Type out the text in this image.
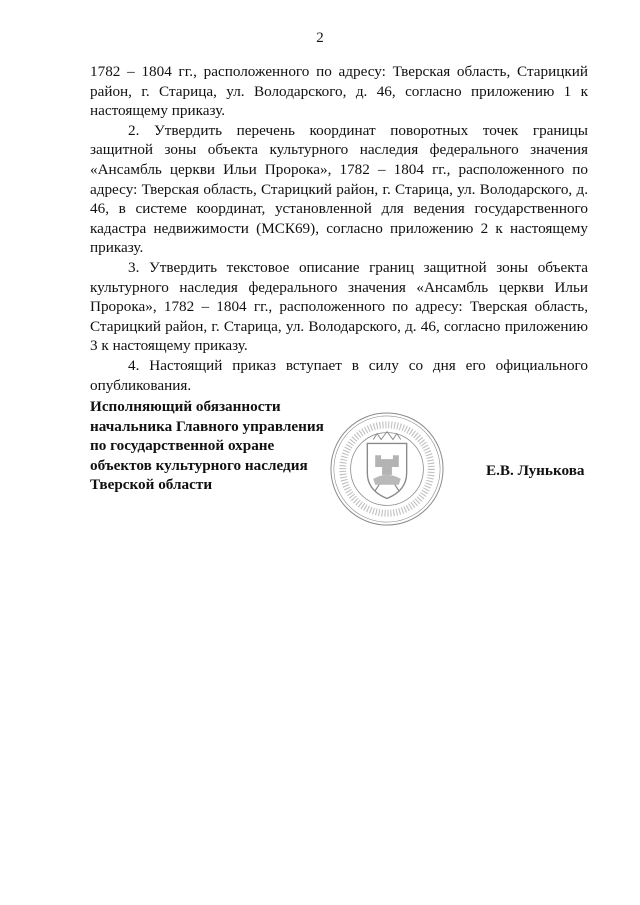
2

1782 – 1804 гг., расположенного по адресу: Тверская область, Старицкий район, г. Старица, ул. Володарского, д. 46, согласно приложению 1 к настоящему приказу.

2. Утвердить перечень координат поворотных точек границы защитной зоны объекта культурного наследия федерального значения «Ансамбль церкви Ильи Пророка», 1782 – 1804 гг., расположенного по адресу: Тверская область, Старицкий район, г. Старица, ул. Володарского, д. 46, в системе координат, установленной для ведения государственного кадастра недвижимости (МСК69), согласно приложению 2 к настоящему приказу.

3. Утвердить текстовое описание границ защитной зоны объекта культурного наследия федерального значения «Ансамбль церкви Ильи Пророка», 1782 – 1804 гг., расположенного по адресу: Тверская область, Старицкий район, г. Старица, ул. Володарского, д. 46, согласно приложению 3 к настоящему приказу.

4. Настоящий приказ вступает в силу со дня его официального опубликования.

Исполняющий обязанности
начальника Главного управления
по государственной охране
объектов культурного наследия
Тверской области
Е.В. Лунькова
